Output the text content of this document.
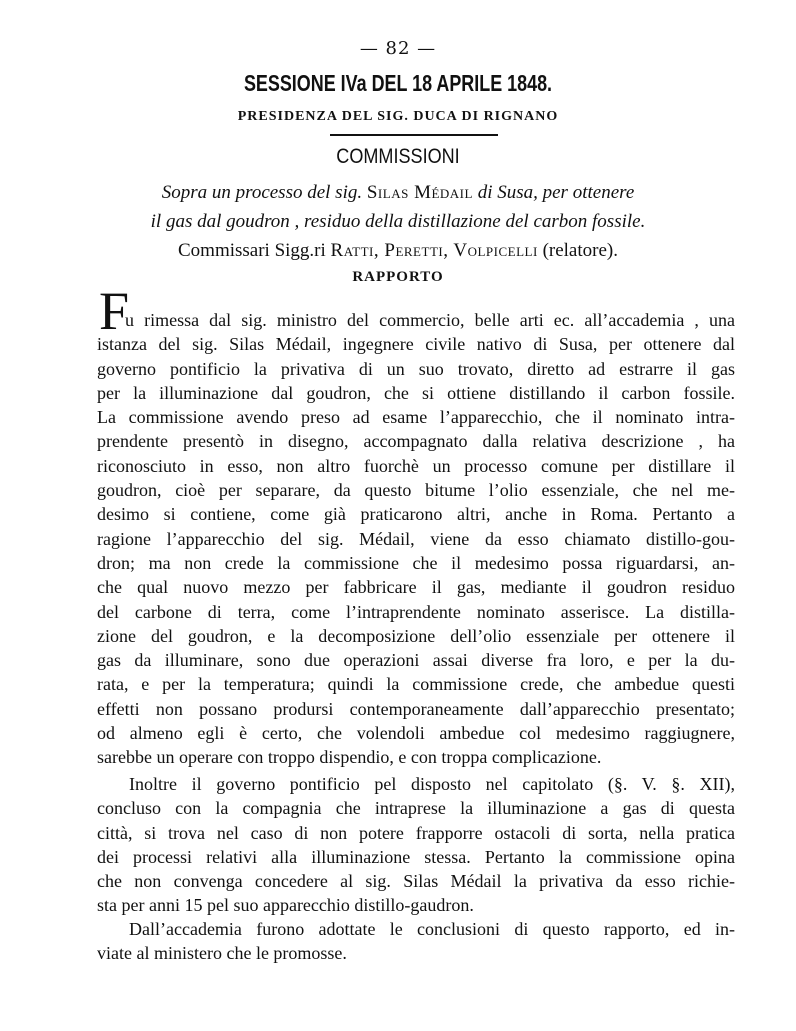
— 82 —
SESSIONE IVa DEL 18 APRILE 1848.
PRESIDENZA DEL SIG. DUCA DI RIGNANO
COMMISSIONI
Sopra un processo del sig. Silas Médail di Susa, per ottenere
il gas dal goudron , residuo della distillazione del carbon fossile.
Commissari Sigg.ri Ratti, Peretti, Volpicelli (relatore).
RAPPORTO
F
u rimessa dal sig. ministro del commercio, belle arti ec. all’accademia , una
istanza del sig. Silas Médail, ingegnere civile nativo di Susa, per ottenere dal
governo pontificio la privativa di un suo trovato, diretto ad estrarre il gas
per la illuminazione dal goudron, che si ottiene distillando il carbon fossile.
La commissione avendo preso ad esame l’apparecchio, che il nominato intra-
prendente presentò in disegno, accompagnato dalla relativa descrizione , ha
riconosciuto in esso, non altro fuorchè un processo comune per distillare il
goudron, cioè per separare, da questo bitume l’olio essenziale, che nel me-
desimo si contiene, come già praticarono altri, anche in Roma. Pertanto a
ragione l’apparecchio del sig. Médail, viene da esso chiamato distillo-gou-
dron; ma non crede la commissione che il medesimo possa riguardarsi, an-
che qual nuovo mezzo per fabbricare il gas, mediante il goudron residuo
del carbone di terra, come l’intraprendente nominato asserisce. La distilla-
zione del goudron, e la decomposizione dell’olio essenziale per ottenere il
gas da illuminare, sono due operazioni assai diverse fra loro, e per la du-
rata, e per la temperatura; quindi la commissione crede, che ambedue questi
effetti non possano prodursi contemporaneamente dall’apparecchio presentato;
od almeno egli è certo, che volendoli ambedue col medesimo raggiugnere,
sarebbe un operare con troppo dispendio, e con troppa complicazione.
Inoltre il governo pontificio pel disposto nel capitolato (§. V. §. XII),
concluso con la compagnia che intraprese la illuminazione a gas di questa
città, si trova nel caso di non potere frapporre ostacoli di sorta, nella pratica
dei processi relativi alla illuminazione stessa. Pertanto la commissione opina
che non convenga concedere al sig. Silas Médail la privativa da esso richie-
sta per anni 15 pel suo apparecchio distillo-gaudron.
Dall’accademia furono adottate le conclusioni di questo rapporto, ed in-
viate al ministero che le promosse.
